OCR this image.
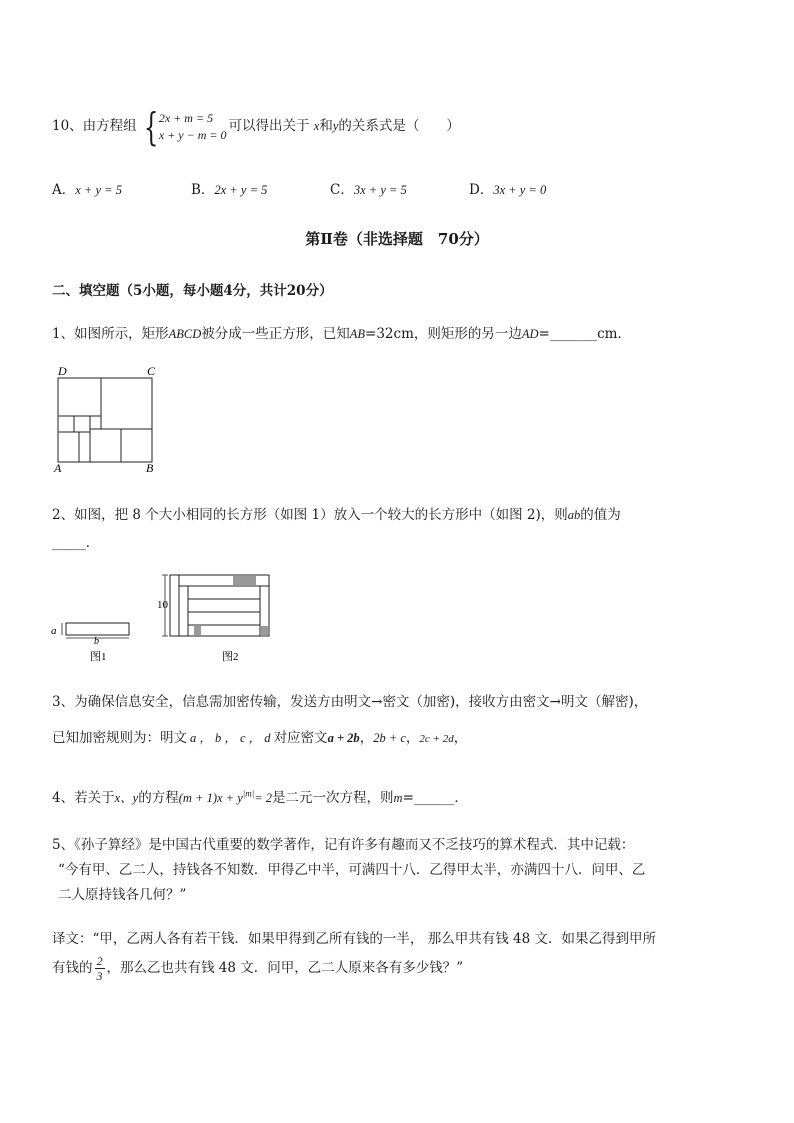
10、由方程组 { 2x + m = 5
x + y − m = 0
可以得出关于 x和y的关系式是（　　）
A．x + y = 5	B．2x + y = 5	C．3x + y = 5	D．3x + y = 0
第Ⅱ卷（非选择题　70分）
二、填空题（5小题，每小题4分，共计20分）
1、如图所示，矩形ABCD被分成一些正方形，已知AB=32cm，则矩形的另一边AD=_______cm．
D	C
A	B
2、如图，把 8 个大小相同的长方形（如图 1）放入一个较大的长方形中（如图 2)，则ab的值为
_____．
a
b
图1
10
图2
3、为确保信息安全，信息需加密传输，发送方由明文→密文（加密)，接收方由密文→明文（解密)，
已知加密规则为：明文 a ， b ， c ， d 对应密文a + 2b，2b + c，2c + 2d，
4、若关于x、y的方程$(m + 1)x + y^{|m|}= 2$是二元一次方程，则m=______．
5、《孙子算经》是中国古代重要的数学著作，记有许多有趣而又不乏技巧的算术程式．其中记载：
“今有甲、乙二人，持钱各不知数．甲得乙中半，可满四十八．乙得甲太半，亦满四十八．问甲、乙
二人原持钱各几何？”
译文：“甲，乙两人各有若干钱．如果甲得到乙所有钱的一半， 那么甲共有钱 48 文．如果乙得到甲所
有钱的 $\frac{2}{3}$ ，那么乙也共有钱 48 文．问甲，乙二人原来各有多少钱？”
